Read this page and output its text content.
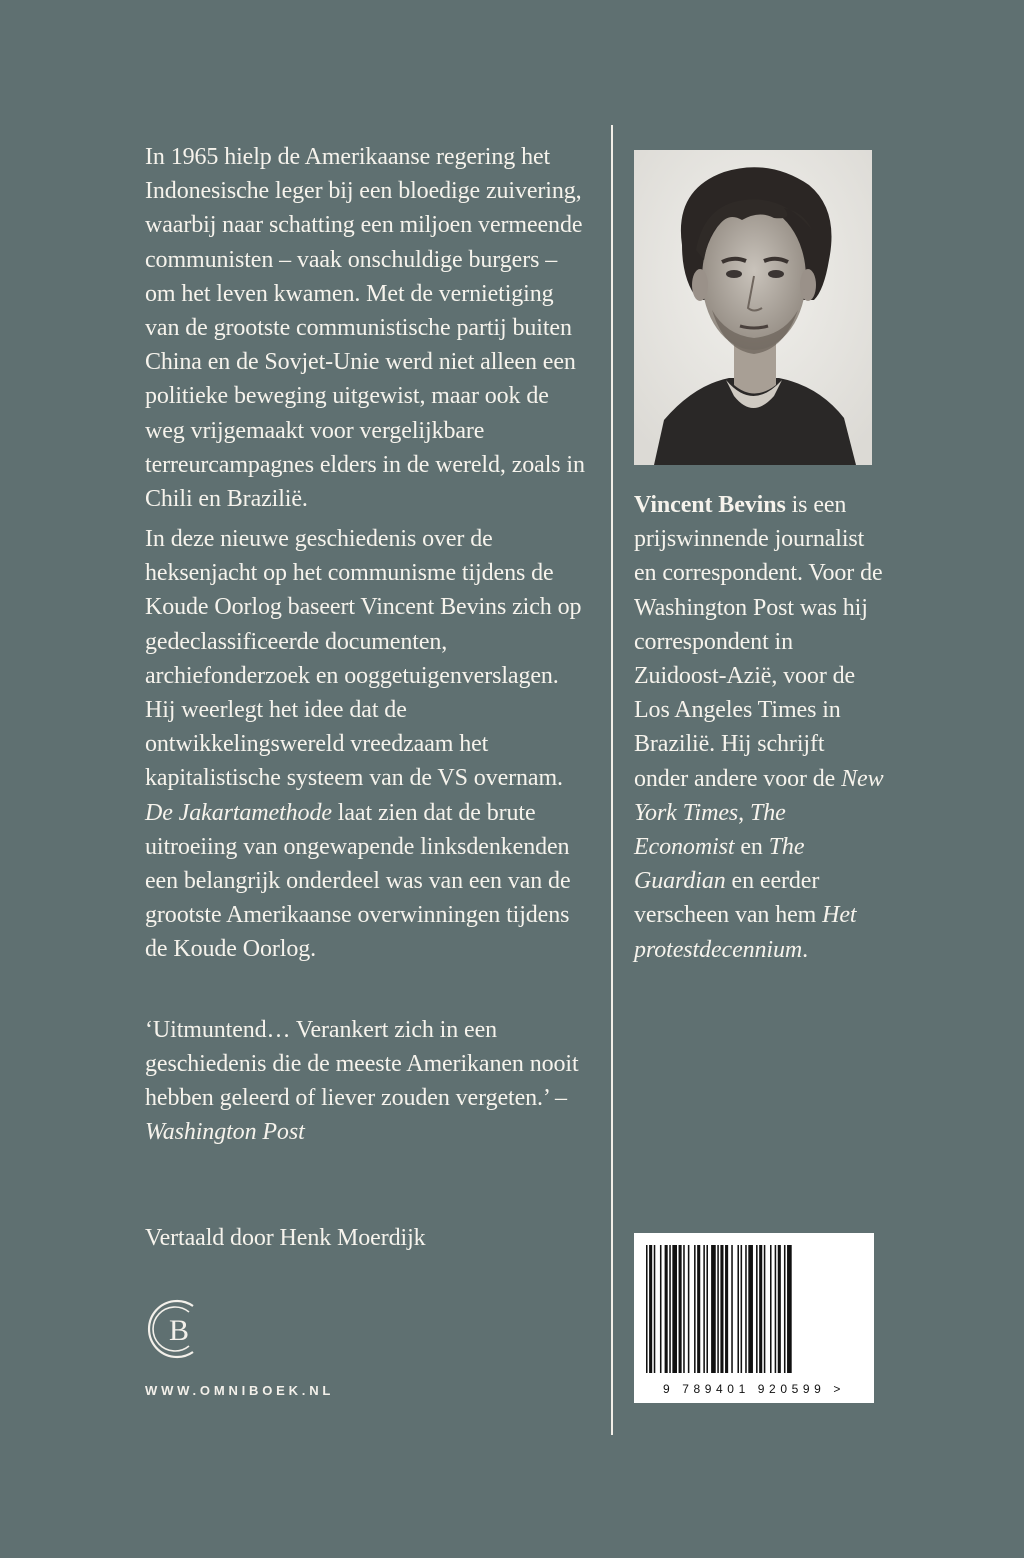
In 1965 hielp de Amerikaanse regering het Indonesische leger bij een bloedige zuivering, waarbij naar schatting een miljoen vermeende communisten – vaak onschuldige burgers – om het leven kwamen. Met de vernietiging van de grootste communistische partij buiten China en de Sovjet-Unie werd niet alleen een politieke beweging uitgewist, maar ook de weg vrijgemaakt voor vergelijkbare terreurcampagnes elders in de wereld, zoals in Chili en Brazilië.

In deze nieuwe geschiedenis over de heksenjacht op het communisme tijdens de Koude Oorlog baseert Vincent Bevins zich op gedeclassificeerde documenten, archiefonderzoek en ooggetuigenverslagen. Hij weerlegt het idee dat de ontwikkelingswereld vreedzaam het kapitalistische systeem van de VS overnam. De Jakartamethode laat zien dat de brute uitroeiing van ongewapende linksdenkenden een belangrijk onderdeel was van een van de grootste Amerikaanse overwinningen tijdens de Koude Oorlog.

‘Uitmuntend… Verankert zich in een geschiedenis die de meeste Amerikanen nooit hebben geleerd of liever zouden vergeten.’ – Washington Post

Vertaald door Henk Moerdijk

Vincent Bevins is een prijswinnende journalist en correspondent. Voor de Washington Post was hij correspondent in Zuidoost-Azië, voor de Los Angeles Times in Brazilië. Hij schrijft onder andere voor de New York Times, The Economist en The Guardian en eerder verscheen van hem Het protestdecennium.

B
WWW.OMNIBOEK.NL	9 789401 920599 >
